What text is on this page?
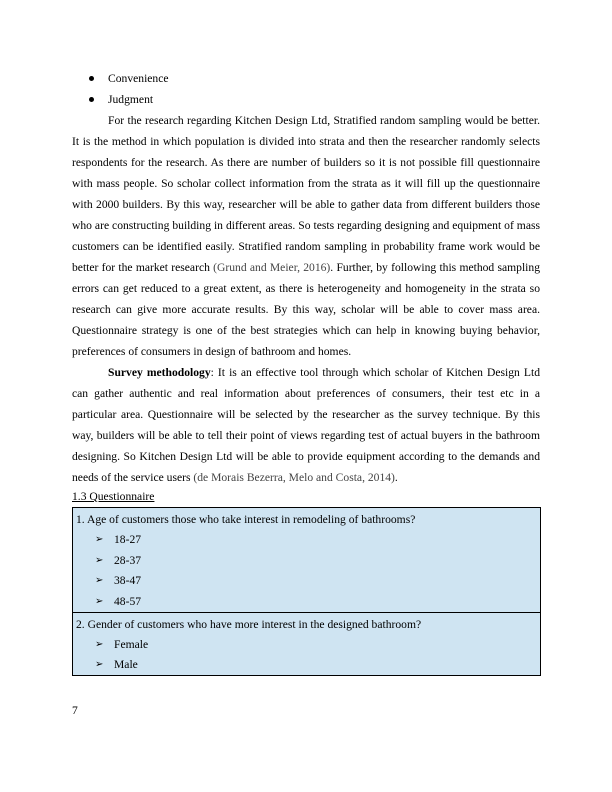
Convenience
Judgment

For the research regarding Kitchen Design Ltd, Stratified random sampling would be better. It is the method in which population is divided into strata and then the researcher randomly selects respondents for the research. As there are number of builders so it is not possible fill questionnaire with mass people. So scholar collect information from the strata as it will fill up the questionnaire with 2000 builders. By this way, researcher will be able to gather data from different builders those who are constructing building in different areas. So tests regarding designing and equipment of mass customers can be identified easily. Stratified random sampling in probability frame work would be better for the market research (Grund and Meier, 2016). Further, by following this method sampling errors can get reduced to a great extent, as there is heterogeneity and homogeneity in the strata so research can give more accurate results. By this way, scholar will be able to cover mass area. Questionnaire strategy is one of the best strategies which can help in knowing buying behavior, preferences of consumers in design of bathroom and homes.

Survey methodology: It is an effective tool through which scholar of Kitchen Design Ltd can gather authentic and real information about preferences of consumers, their test etc in a particular area. Questionnaire will be selected by the researcher as the survey technique. By this way, builders will be able to tell their point of views regarding test of actual buyers in the bathroom designing. So Kitchen Design Ltd will be able to provide equipment according to the demands and needs of the service users (de Morais Bezerra, Melo and Costa, 2014).

1.3 Questionnaire

1. Age of customers those who take interest in remodeling of bathrooms?
➢ 18-27
➢ 28-37
➢ 38-47
➢ 48-57

2. Gender of customers who have more interest in the designed bathroom?
➢ Female
➢ Male
7
